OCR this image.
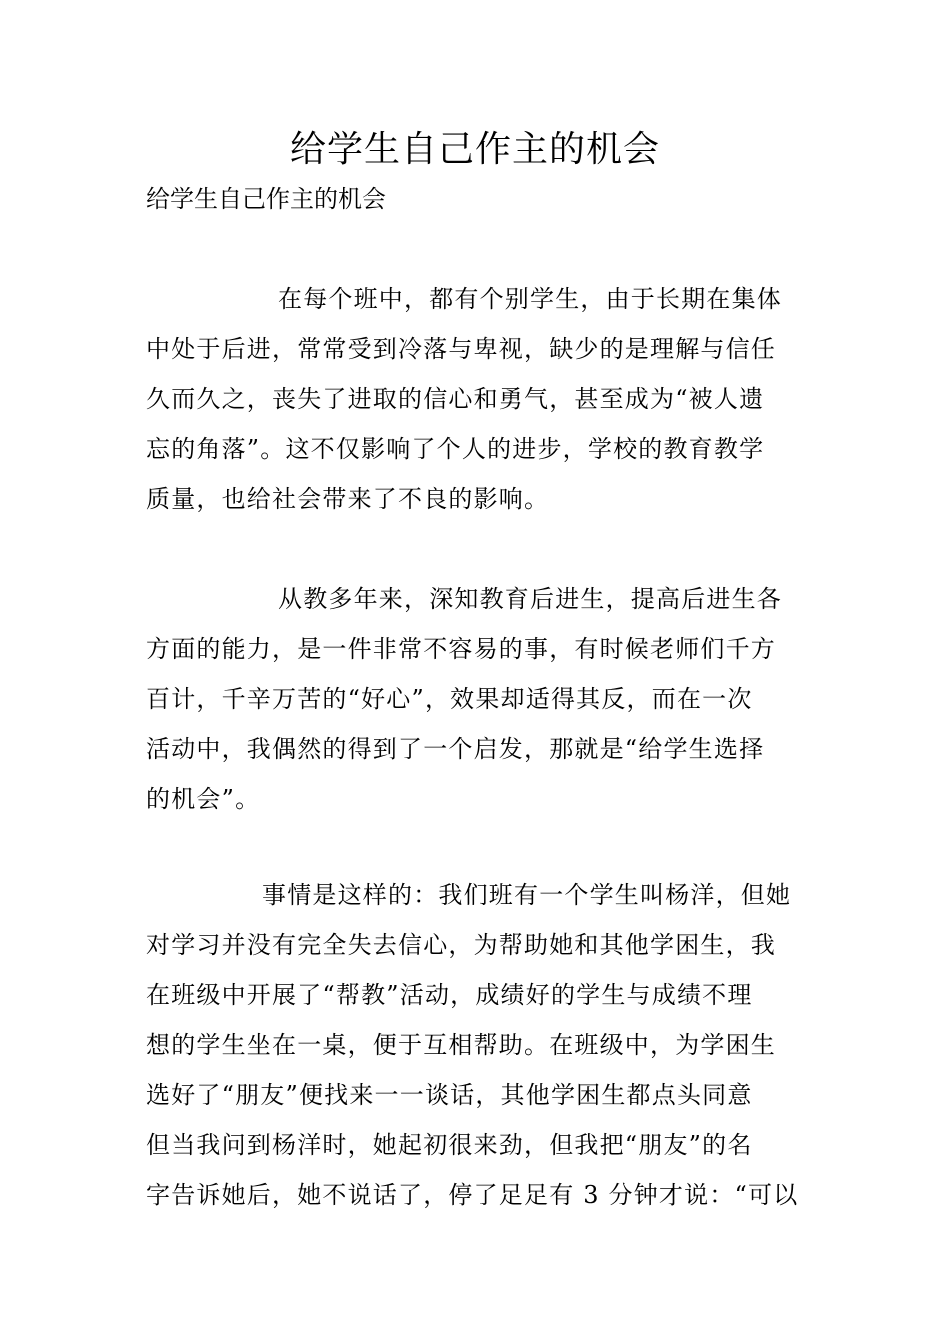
给学生自己作主的机会

给学生自己作主的机会

在每个班中，都有个别学生，由于长期在集体
中处于后进，常常受到冷落与卑视，缺少的是理解与信任
久而久之，丧失了进取的信心和勇气，甚至成为“被人遗
忘的角落”。这不仅影响了个人的进步，学校的教育教学
质量，也给社会带来了不良的影响。
从教多年来，深知教育后进生，提高后进生各
方面的能力，是一件非常不容易的事，有时候老师们千方
百计，千辛万苦的“好心”，效果却适得其反，而在一次
活动中，我偶然的得到了一个启发，那就是“给学生选择
的机会”。
事情是这样的：我们班有一个学生叫杨洋，但她
对学习并没有完全失去信心，为帮助她和其他学困生，我
在班级中开展了“帮教”活动，成绩好的学生与成绩不理
想的学生坐在一桌，便于互相帮助。在班级中，为学困生
选好了“朋友”便找来一一谈话，其他学困生都点头同意
但当我问到杨洋时，她起初很来劲，但我把“朋友”的名
字告诉她后，她不说话了，停了足足有 3 分钟才说：“可以
